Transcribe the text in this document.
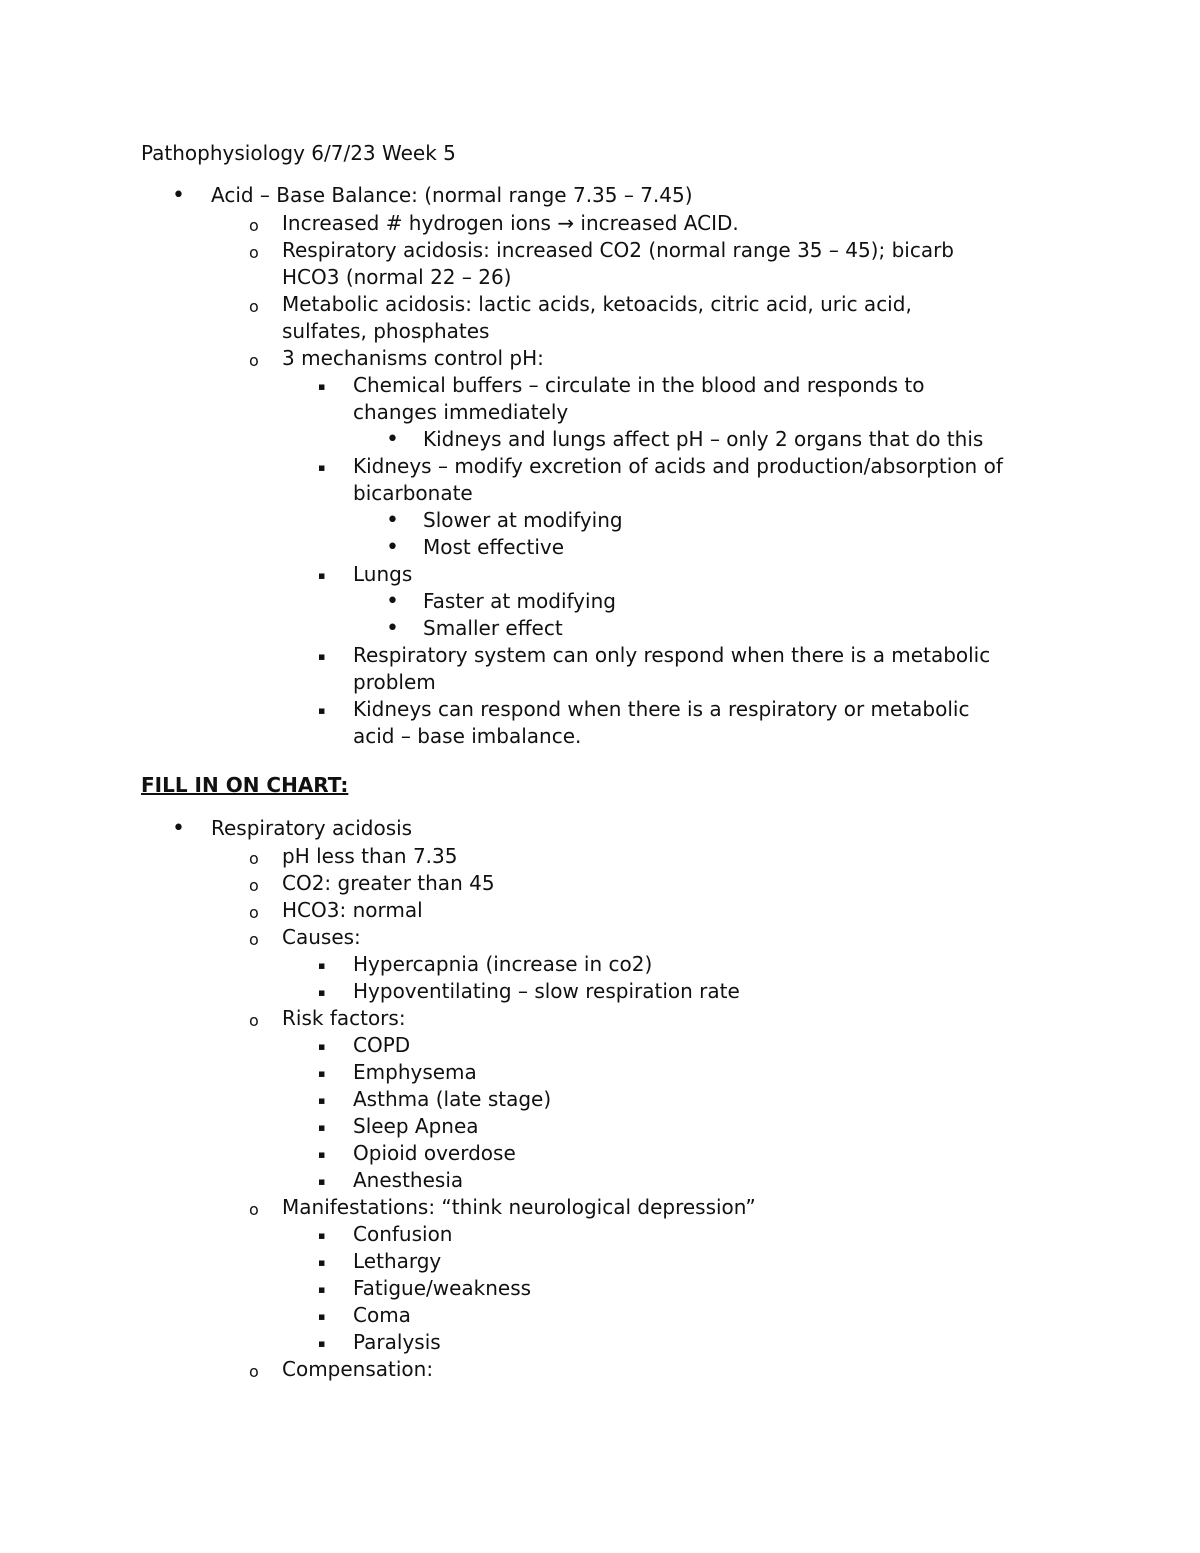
Pathophysiology 6/7/23 Week 5
• Acid – Base Balance: (normal range 7.35 – 7.45)
o Increased # hydrogen ions → increased ACID.
o Respiratory acidosis: increased CO2 (normal range 35 – 45); bicarb
HCO3 (normal 22 – 26)
o Metabolic acidosis: lactic acids, ketoacids, citric acid, uric acid,
sulfates, phosphates
o 3 mechanisms control pH:
▪ Chemical buffers – circulate in the blood and responds to
changes immediately
• Kidneys and lungs affect pH – only 2 organs that do this
▪ Kidneys – modify excretion of acids and production/absorption of
bicarbonate
• Slower at modifying
• Most effective
▪ Lungs
• Faster at modifying
• Smaller effect
▪ Respiratory system can only respond when there is a metabolic
problem
▪ Kidneys can respond when there is a respiratory or metabolic
acid – base imbalance.
FILL IN ON CHART:
• Respiratory acidosis
o pH less than 7.35
o CO2: greater than 45
o HCO3: normal
o Causes:
▪ Hypercapnia (increase in co2)
▪ Hypoventilating – slow respiration rate
o Risk factors:
▪ COPD
▪ Emphysema
▪ Asthma (late stage)
▪ Sleep Apnea
▪ Opioid overdose
▪ Anesthesia
o Manifestations: “think neurological depression”
▪ Confusion
▪ Lethargy
▪ Fatigue/weakness
▪ Coma
▪ Paralysis
o Compensation:
